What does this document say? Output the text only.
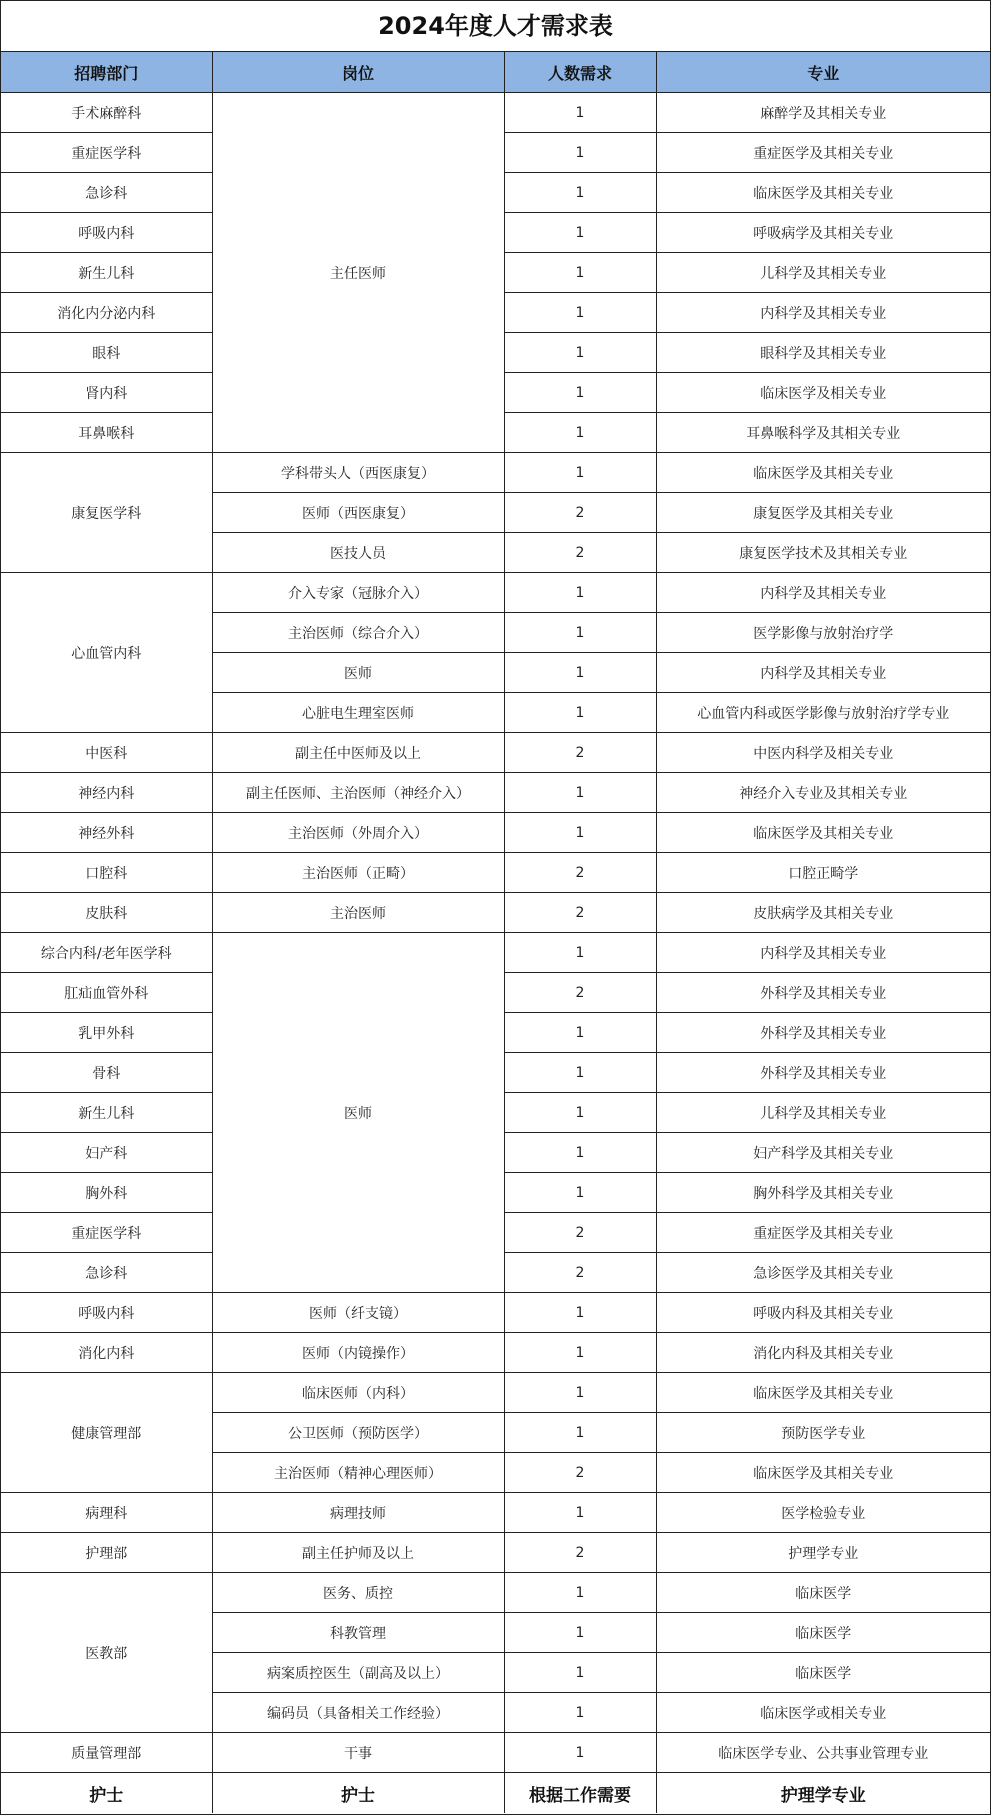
2024年度人才需求表
招聘部门	岗位	人数需求	专业
手术麻醉科	主任医师	1	麻醉学及其相关专业
重症医学科		1	重症医学及其相关专业
急诊科		1	临床医学及其相关专业
呼吸内科		1	呼吸病学及其相关专业
新生儿科		1	儿科学及其相关专业
消化内分泌内科		1	内科学及其相关专业
眼科		1	眼科学及其相关专业
肾内科		1	临床医学及相关专业
耳鼻喉科		1	耳鼻喉科学及其相关专业
康复医学科	学科带头人（西医康复）	1	临床医学及其相关专业
	医师（西医康复）	2	康复医学及其相关专业
	医技人员	2	康复医学技术及其相关专业
心血管内科	介入专家（冠脉介入）	1	内科学及其相关专业
	主治医师（综合介入）	1	医学影像与放射治疗学
	医师	1	内科学及其相关专业
	心脏电生理室医师	1	心血管内科或医学影像与放射治疗学专业
中医科	副主任中医师及以上	2	中医内科学及相关专业
神经内科	副主任医师、主治医师（神经介入）	1	神经介入专业及其相关专业
神经外科	主治医师（外周介入）	1	临床医学及其相关专业
口腔科	主治医师（正畸）	2	口腔正畸学
皮肤科	主治医师	2	皮肤病学及其相关专业
综合内科/老年医学科	医师	1	内科学及其相关专业
肛疝血管外科		2	外科学及其相关专业
乳甲外科		1	外科学及其相关专业
骨科		1	外科学及其相关专业
新生儿科		1	儿科学及其相关专业
妇产科		1	妇产科学及其相关专业
胸外科		1	胸外科学及其相关专业
重症医学科		2	重症医学及其相关专业
急诊科		2	急诊医学及其相关专业
呼吸内科	医师（纤支镜）	1	呼吸内科及其相关专业
消化内科	医师（内镜操作）	1	消化内科及其相关专业
健康管理部	临床医师（内科）	1	临床医学及其相关专业
	公卫医师（预防医学）	1	预防医学专业
	主治医师（精神心理医师）	2	临床医学及其相关专业
病理科	病理技师	1	医学检验专业
护理部	副主任护师及以上	2	护理学专业
医教部	医务、质控	1	临床医学
	科教管理	1	临床医学
	病案质控医生（副高及以上）	1	临床医学
	编码员（具备相关工作经验）	1	临床医学或相关专业
质量管理部	干事	1	临床医学专业、公共事业管理专业
护士	护士	根据工作需要	护理学专业
